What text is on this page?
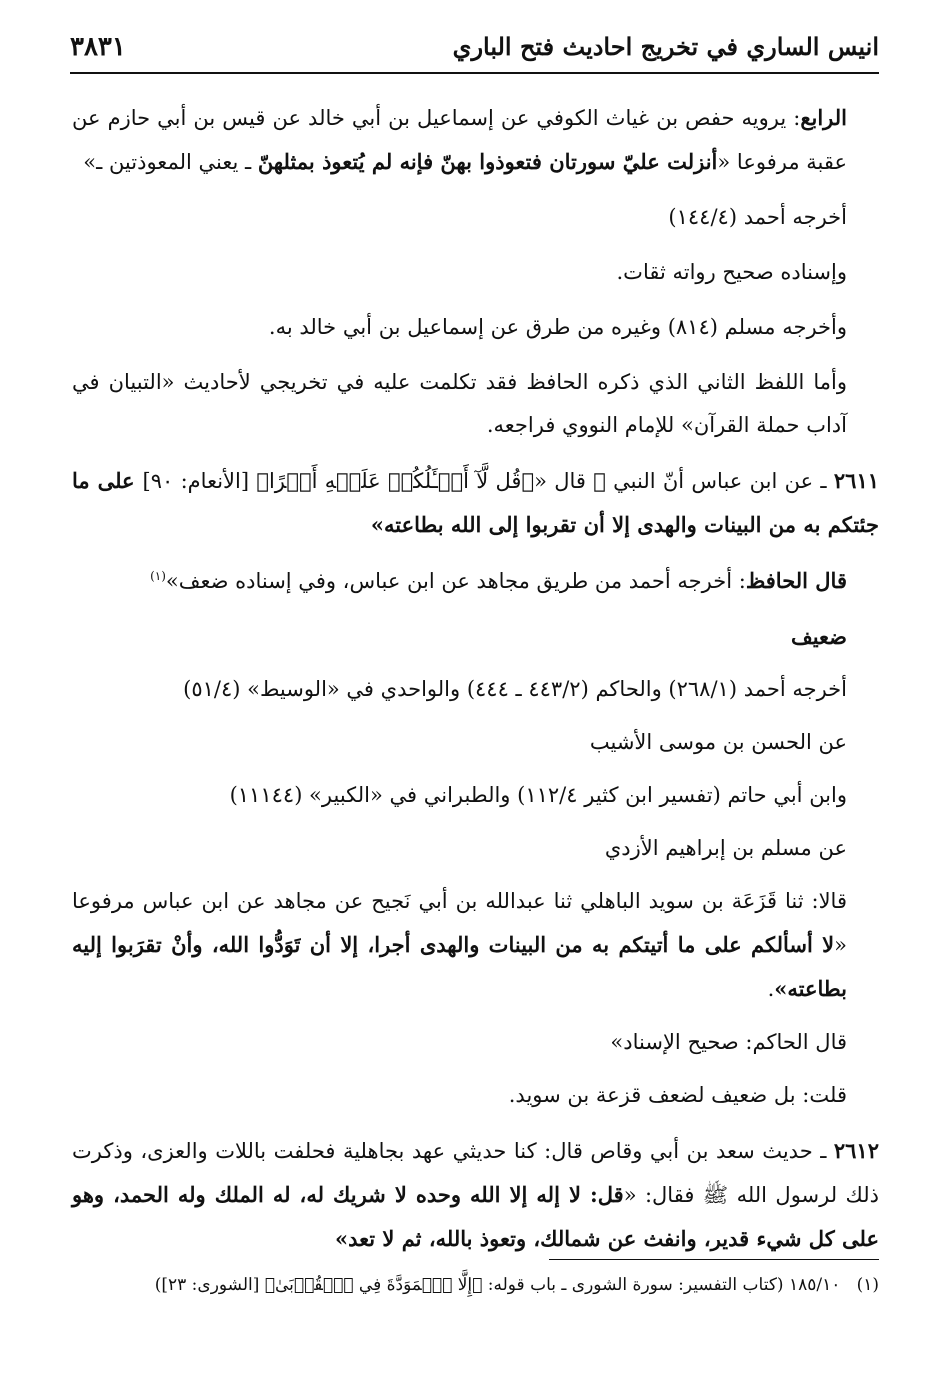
٣٨٣١	انيس الساري في تخريج احاديث فتح الباري

الرابع: يرويه حفص بن غياث الكوفي عن إسماعيل بن أبي خالد عن قيس بن أبي حازم عن عقبة مرفوعا «أنزلت عليّ سورتان فتعوذوا بهنّ فإنه لم يُتعوذ بمثلهنّ ـ يعني المعوذتين ـ»

أخرجه أحمد (١٤٤/٤)

وإسناده صحيح رواته ثقات.

وأخرجه مسلم (٨١٤) وغيره من طرق عن إسماعيل بن أبي خالد به.

وأما اللفظ الثاني الذي ذكره الحافظ فقد تكلمت عليه في تخريجي لأحاديث «التبيان في آداب حملة القرآن» للإمام النووي فراجعه.

٢٦١١ ـ عن ابن عباس أنّ النبي ﷺ قال «﴿قُل لَّآ أَسۡـَٔلُكُمۡ عَلَيۡهِ أَجۡرًا﴾ [الأنعام: ٩٠] على ما جئتكم به من البينات والهدى إلا أن تقربوا إلى الله بطاعته»

قال الحافظ: أخرجه أحمد من طريق مجاهد عن ابن عباس، وفي إسناده ضعف»$^{(١)}$

ضعيف

أخرجه أحمد (٢٦٨/١) والحاكم (٤٤٣/٢ ـ ٤٤٤) والواحدي في «الوسيط» (٥١/٤)

عن الحسن بن موسى الأشيب

وابن أبي حاتم (تفسير ابن كثير ١١٢/٤) والطبراني في «الكبير» (١١١٤٤)

عن مسلم بن إبراهيم الأزدي

قالا: ثنا قَزَعَة بن سويد الباهلي ثنا عبدالله بن أبي نَجيح عن مجاهد عن ابن عباس مرفوعا «لا أسألكم على ما أتيتكم به من البينات والهدى أجرا، إلا أن تَوَدُّوا الله، وأنْ تقرَبوا إليه بطاعته».

قال الحاكم: صحيح الإسناد»

قلت: بل ضعيف لضعف قزعة بن سويد.

٢٦١٢ ـ حديث سعد بن أبي وقاص قال: كنا حديثي عهد بجاهلية فحلفت باللات والعزى، وذكرت ذلك لرسول الله ﷺ فقال: «قل: لا إله إلا الله وحده لا شريك له، له الملك وله الحمد، وهو على كل شيء قدير، وانفث عن شمالك، وتعوذ بالله، ثم لا تعد»

(١)   ١٨٥/١٠ (كتاب التفسير: سورة الشورى ـ باب قوله: ﴿إِلَّا ٱلۡمَوَدَّةَ فِي ٱلۡقُرۡبَىٰ﴾ [الشورى: ٢٣])
